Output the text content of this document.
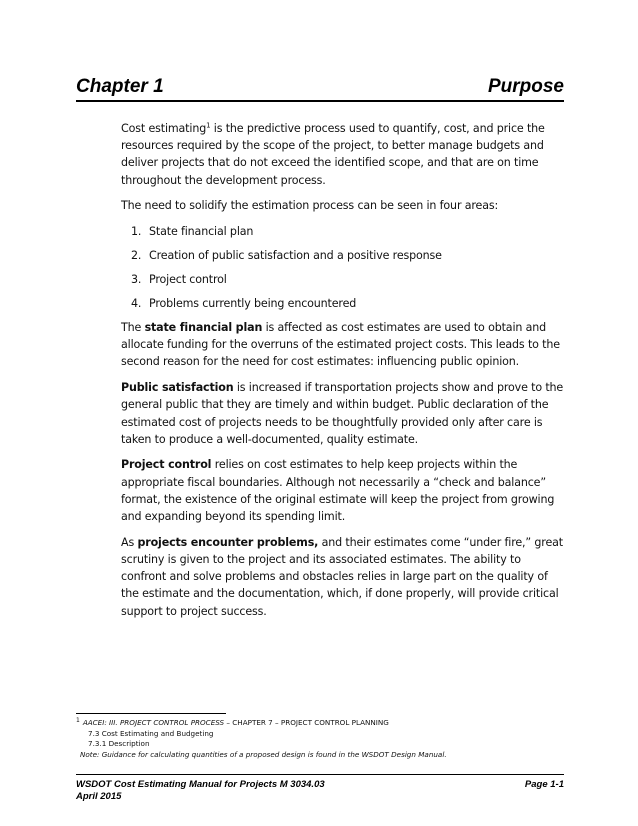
Chapter 1	Purpose

Cost estimating$^1$ is the predictive process used to quantify, cost, and price the resources required by the scope of the project, to better manage budgets and deliver projects that do not exceed the identified scope, and that are on time throughout the development process.

The need to solidify the estimation process can be seen in four areas:

1. State financial plan
2. Creation of public satisfaction and a positive response
3. Project control
4. Problems currently being encountered

The state financial plan is affected as cost estimates are used to obtain and allocate funding for the overruns of the estimated project costs. This leads to the second reason for the need for cost estimates: influencing public opinion.

Public satisfaction is increased if transportation projects show and prove to the general public that they are timely and within budget. Public declaration of the estimated cost of projects needs to be thoughtfully provided only after care is taken to produce a well-documented, quality estimate.

Project control relies on cost estimates to help keep projects within the appropriate fiscal boundaries. Although not necessarily a “check and balance” format, the existence of the original estimate will keep the project from growing and expanding beyond its spending limit.

As projects encounter problems, and their estimates come “under fire,” great scrutiny is given to the project and its associated estimates. The ability to confront and solve problems and obstacles relies in large part on the quality of the estimate and the documentation, which, if done properly, will provide critical support to project success.

$^1$ AACEI: III. PROJECT CONTROL PROCESS – CHAPTER 7 – PROJECT CONTROL PLANNING
7.3 Cost Estimating and Budgeting
7.3.1 Description
Note: Guidance for calculating quantities of a proposed design is found in the WSDOT Design Manual.
WSDOT Cost Estimating Manual for Projects M 3034.03	Page 1-1
April 2015
